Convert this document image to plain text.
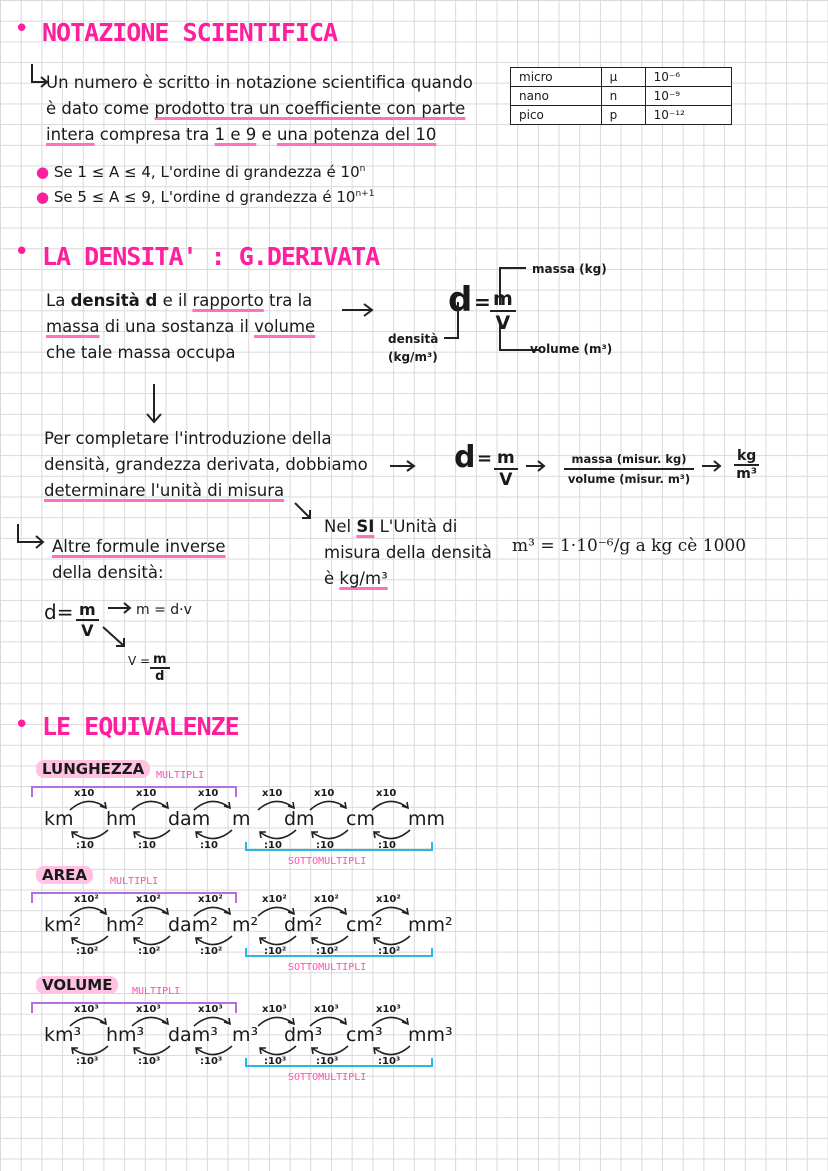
• NOTAZIONE SCIENTIFICA
Un numero è scritto in notazione scientifica quando
è dato come prodotto tra un coefficiente con parte
intera compresa tra 1 e 9 e una potenza del 10
micro	μ	10⁻⁶
nano	n	10⁻⁹
pico	p	10⁻¹²
● Se 1 ≤ A ≤ 4, L'ordine di grandezza é 10$^n$
● Se 5 ≤ A ≤ 9, L'ordine d grandezza é $10^{n+1}$
• LA DENSITA' : G.DERIVATA
La densità d e il rapporto tra la
massa di una sostanza il volume
che tale massa occupa
$d = \frac{m}{V}$
massa (kg)
volume (m³)
densità
(kg/m³)
Per completare l'introduzione della
densità, grandezza derivata, dobbiamo
determinare l'unità di misura
$d = \frac{m}{V}$	massa (misur. kg)
volume (misur. m³)	$\frac{kg}{\text{m³}}$
Nel SI L'Unità di
misura della densità
è kg/m³
m³ = 1·10⁻⁶/g a kg cè 1000
Altre formule inverse
della densità:
$d= \frac{m}{V}$	m = d·v
$V = \frac{m}{d}$
• LE EQUIVALENZE
LUNGHEZZA	MULTIPLI
SOTTOMULTIPLI
km
x10
:10
hm
x10
:10
dam
x10
:10
m
x10
:10
dm
x10
:10
cm
x10
:10
mm
AREA	MULTIPLI
SOTTOMULTIPLI
km²
x10²
:10²
hm²
x10²
:10²
dam²
x10²
:10²
m²
x10²
:10²
dm²
x10²
:10²
cm²
x10²
:10²
mm²
VOLUME	MULTIPLI
SOTTOMULTIPLI
km³
x10³
:10³
hm³
x10³
:10³
dam³
x10³
:10³
m³
x10³
:10³
dm³
x10³
:10³
cm³
x10³
:10³
mm³
